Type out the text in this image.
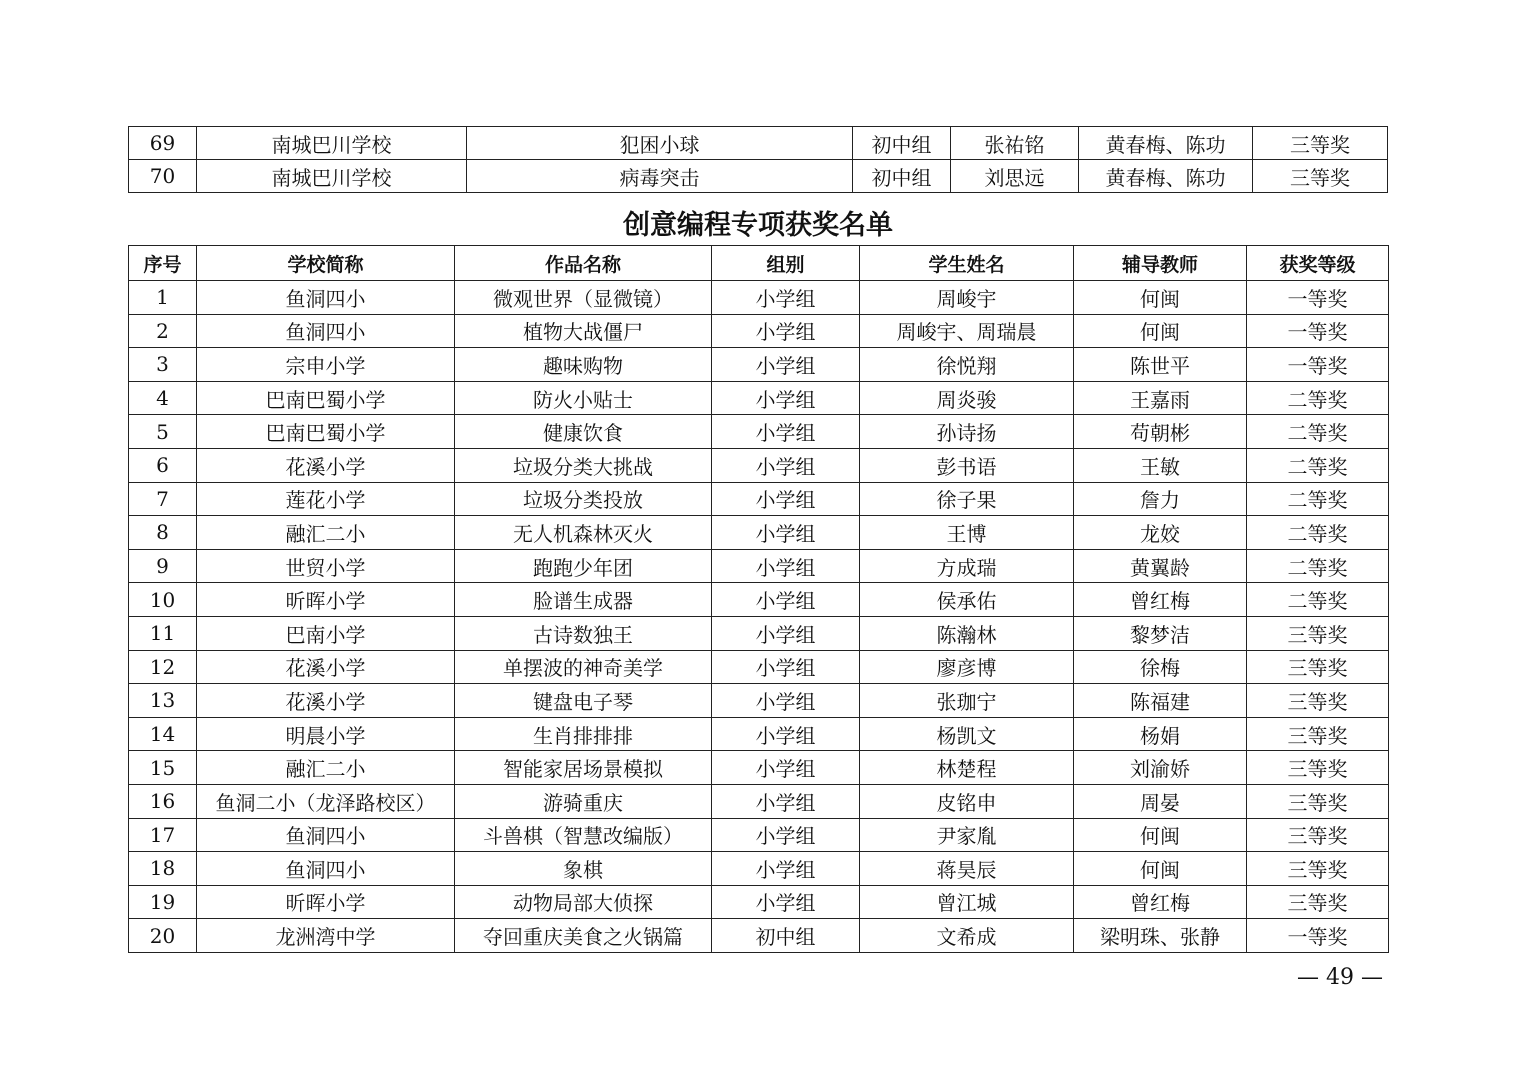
69	南城巴川学校	犯困小球	初中组	张祐铭	黄春梅、陈功	三等奖
70	南城巴川学校	病毒突击	初中组	刘思远	黄春梅、陈功	三等奖
创意编程专项获奖名单
序号	学校简称	作品名称	组别	学生姓名	辅导教师	获奖等级
1	鱼洞四小	微观世界（显微镜）	小学组	周峻宇	何闽	一等奖
2	鱼洞四小	植物大战僵尸	小学组	周峻宇、周瑞晨	何闽	一等奖
3	宗申小学	趣味购物	小学组	徐悦翔	陈世平	一等奖
4	巴南巴蜀小学	防火小贴士	小学组	周炎骏	王嘉雨	二等奖
5	巴南巴蜀小学	健康饮食	小学组	孙诗扬	苟朝彬	二等奖
6	花溪小学	垃圾分类大挑战	小学组	彭书语	王敏	二等奖
7	莲花小学	垃圾分类投放	小学组	徐子果	詹力	二等奖
8	融汇二小	无人机森林灭火	小学组	王博	龙姣	二等奖
9	世贸小学	跑跑少年团	小学组	方成瑞	黄翼龄	二等奖
10	昕晖小学	脸谱生成器	小学组	侯承佑	曾红梅	二等奖
11	巴南小学	古诗数独王	小学组	陈瀚林	黎梦洁	三等奖
12	花溪小学	单摆波的神奇美学	小学组	廖彦博	徐梅	三等奖
13	花溪小学	键盘电子琴	小学组	张珈宁	陈福建	三等奖
14	明晨小学	生肖排排排	小学组	杨凯文	杨娟	三等奖
15	融汇二小	智能家居场景模拟	小学组	林楚程	刘渝娇	三等奖
16	鱼洞二小（龙泽路校区）	游骑重庆	小学组	皮铭申	周晏	三等奖
17	鱼洞四小	斗兽棋（智慧改编版）	小学组	尹家胤	何闽	三等奖
18	鱼洞四小	象棋	小学组	蒋昊辰	何闽	三等奖
19	昕晖小学	动物局部大侦探	小学组	曾江城	曾红梅	三等奖
20	龙洲湾中学	夺回重庆美食之火锅篇	初中组	文希成	梁明珠、张静	一等奖
— 49 —
